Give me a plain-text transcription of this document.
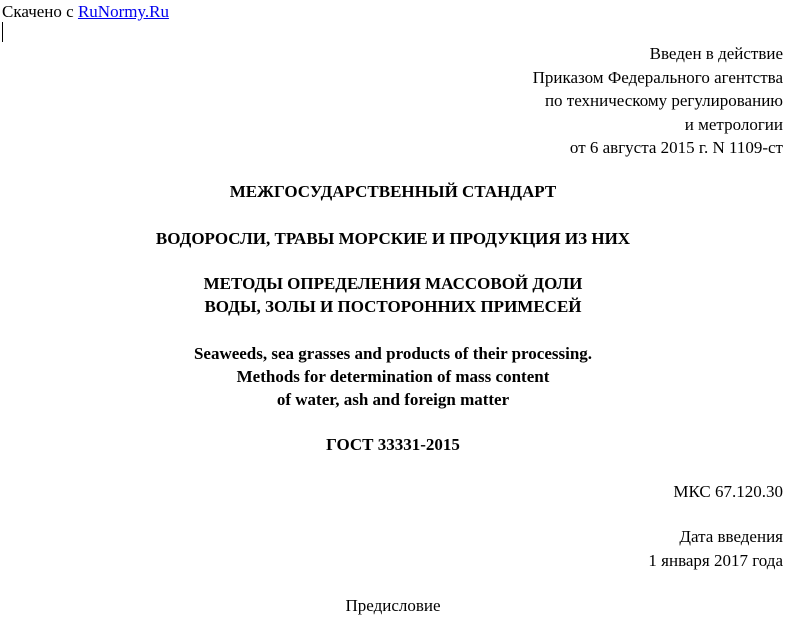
Скачено с RuNormy.Ru
Введен в действие
Приказом Федерального агентства
по техническому регулированию
и метрологии
от 6 августа 2015 г. N 1109-ст
МЕЖГОСУДАРСТВЕННЫЙ СТАНДАРТ
ВОДОРОСЛИ, ТРАВЫ МОРСКИЕ И ПРОДУКЦИЯ ИЗ НИХ
МЕТОДЫ ОПРЕДЕЛЕНИЯ МАССОВОЙ ДОЛИ
ВОДЫ, ЗОЛЫ И ПОСТОРОННИХ ПРИМЕСЕЙ
Seaweeds, sea grasses and products of their processing.
Methods for determination of mass content
of water, ash and foreign matter
ГОСТ 33331-2015
МКС 67.120.30
Дата введения
1 января 2017 года
Предисловие
